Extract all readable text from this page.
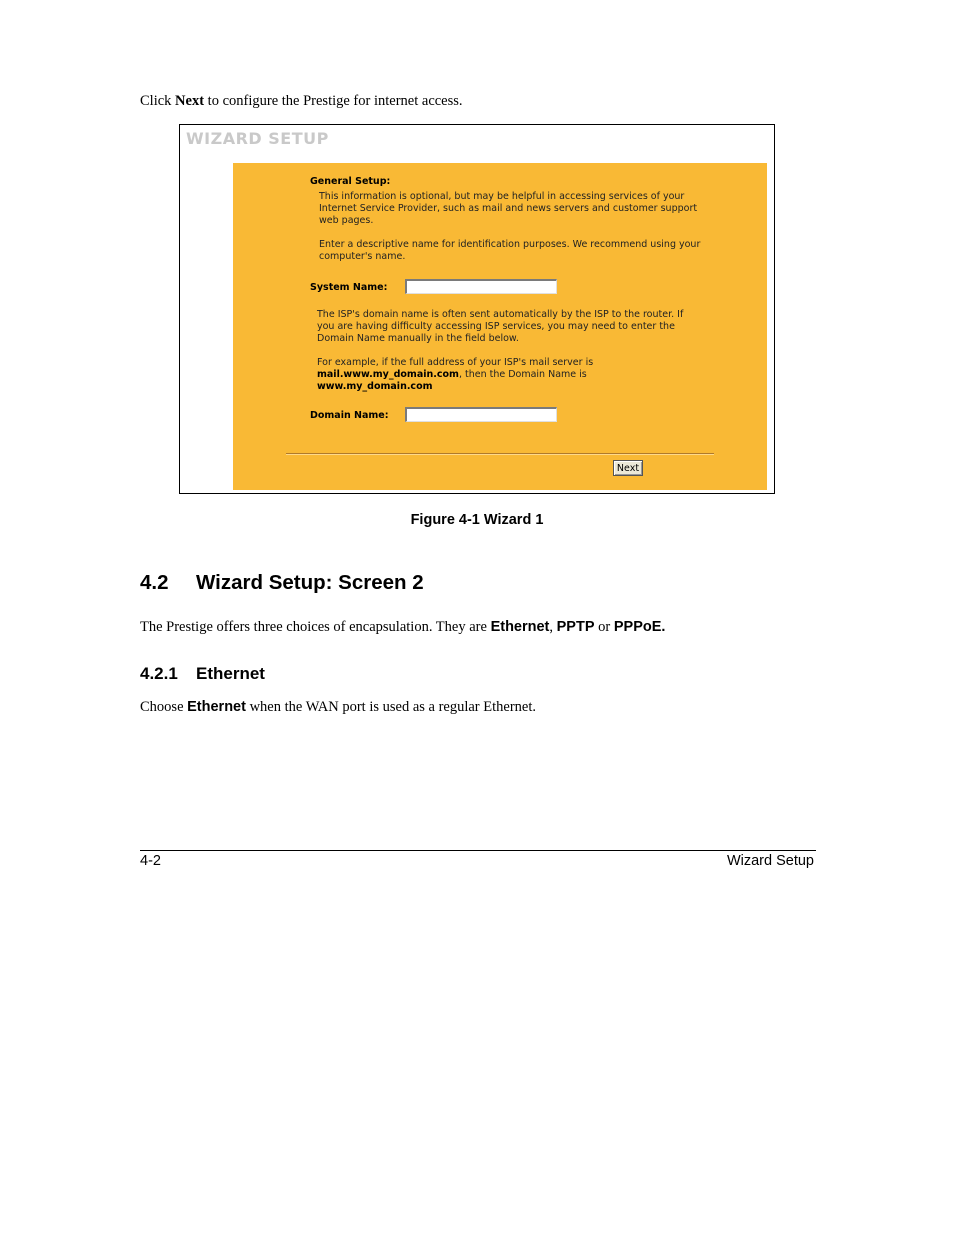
Click Next to configure the Prestige for internet access.
WIZARD SETUP
General Setup:
This information is optional, but may be helpful in accessing services of your
Internet Service Provider, such as mail and news servers and customer support
web pages.
Enter a descriptive name for identification purposes. We recommend using your
computer's name.
System Name:
The ISP's domain name is often sent automatically by the ISP to the router. If
you are having difficulty accessing ISP services, you may need to enter the
Domain Name manually in the field below.
For example, if the full address of your ISP's mail server is
mail.www.my_domain.com, then the Domain Name is
www.my_domain.com
Domain Name:
Next
Figure 4-1 Wizard 1
4.2 Wizard Setup: Screen 2
The Prestige offers three choices of encapsulation. They are Ethernet, PPTP or PPPoE.
4.2.1 Ethernet
Choose Ethernet when the WAN port is used as a regular Ethernet.
4-2	Wizard Setup
